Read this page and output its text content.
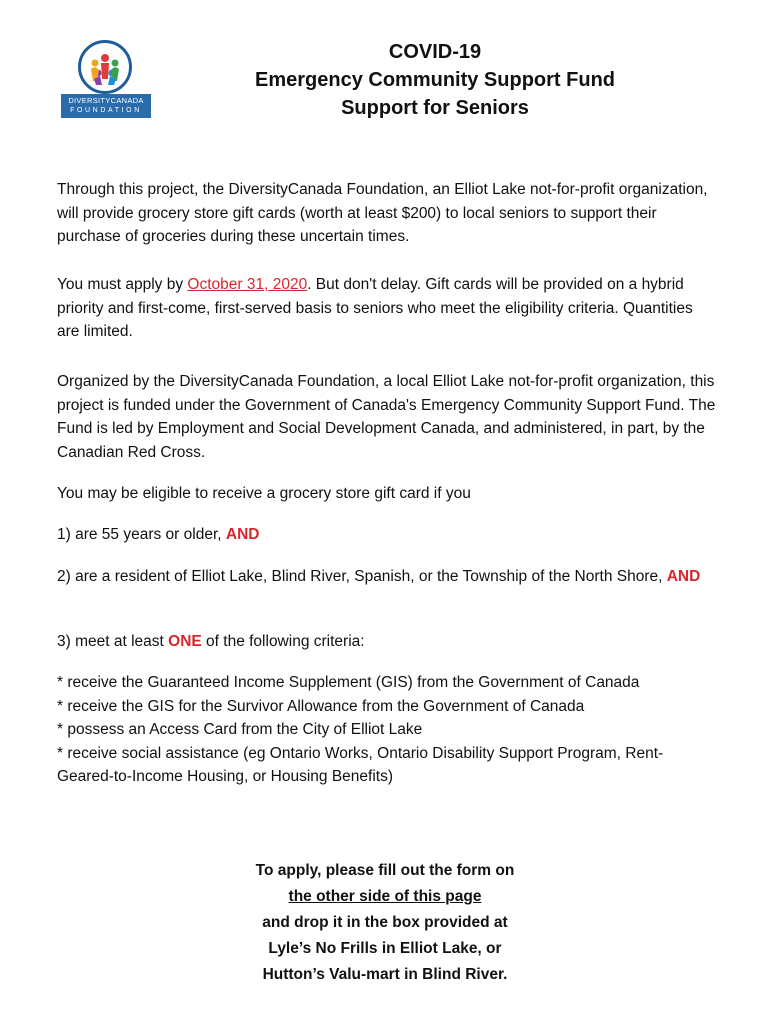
DIVERSITYCANADA
FOUNDATION

COVID-19

Emergency Community Support Fund

Support for Seniors

Through this project, the DiversityCanada Foundation, an Elliot Lake not-for-profit organization, will provide grocery store gift cards (worth at least $200) to local seniors to support their purchase of groceries during these uncertain times.

You must apply by October 31, 2020. But don't delay. Gift cards will be provided on a hybrid priority and first-come, first-served basis to seniors who meet the eligibility criteria. Quantities are limited.

Organized by the DiversityCanada Foundation, a local Elliot Lake not-for-profit organization, this project is funded under the Government of Canada's Emergency Community Support Fund. The Fund is led by Employment and Social Development Canada, and administered, in part, by the Canadian Red Cross.

You may be eligible to receive a grocery store gift card if you

1) are 55 years or older, AND

2) are a resident of Elliot Lake, Blind River, Spanish, or the Township of the North Shore, AND

3) meet at least ONE of the following criteria:

* receive the Guaranteed Income Supplement (GIS) from the Government of Canada
* receive the GIS for the Survivor Allowance from the Government of Canada
* possess an Access Card from the City of Elliot Lake
* receive social assistance (eg Ontario Works, Ontario Disability Support Program, Rent-Geared-to-Income Housing, or Housing Benefits)
To apply, please fill out the form on
the other side of this page
and drop it in the box provided at
Lyle’s No Frills in Elliot Lake, or
Hutton’s Valu-mart in Blind River.
